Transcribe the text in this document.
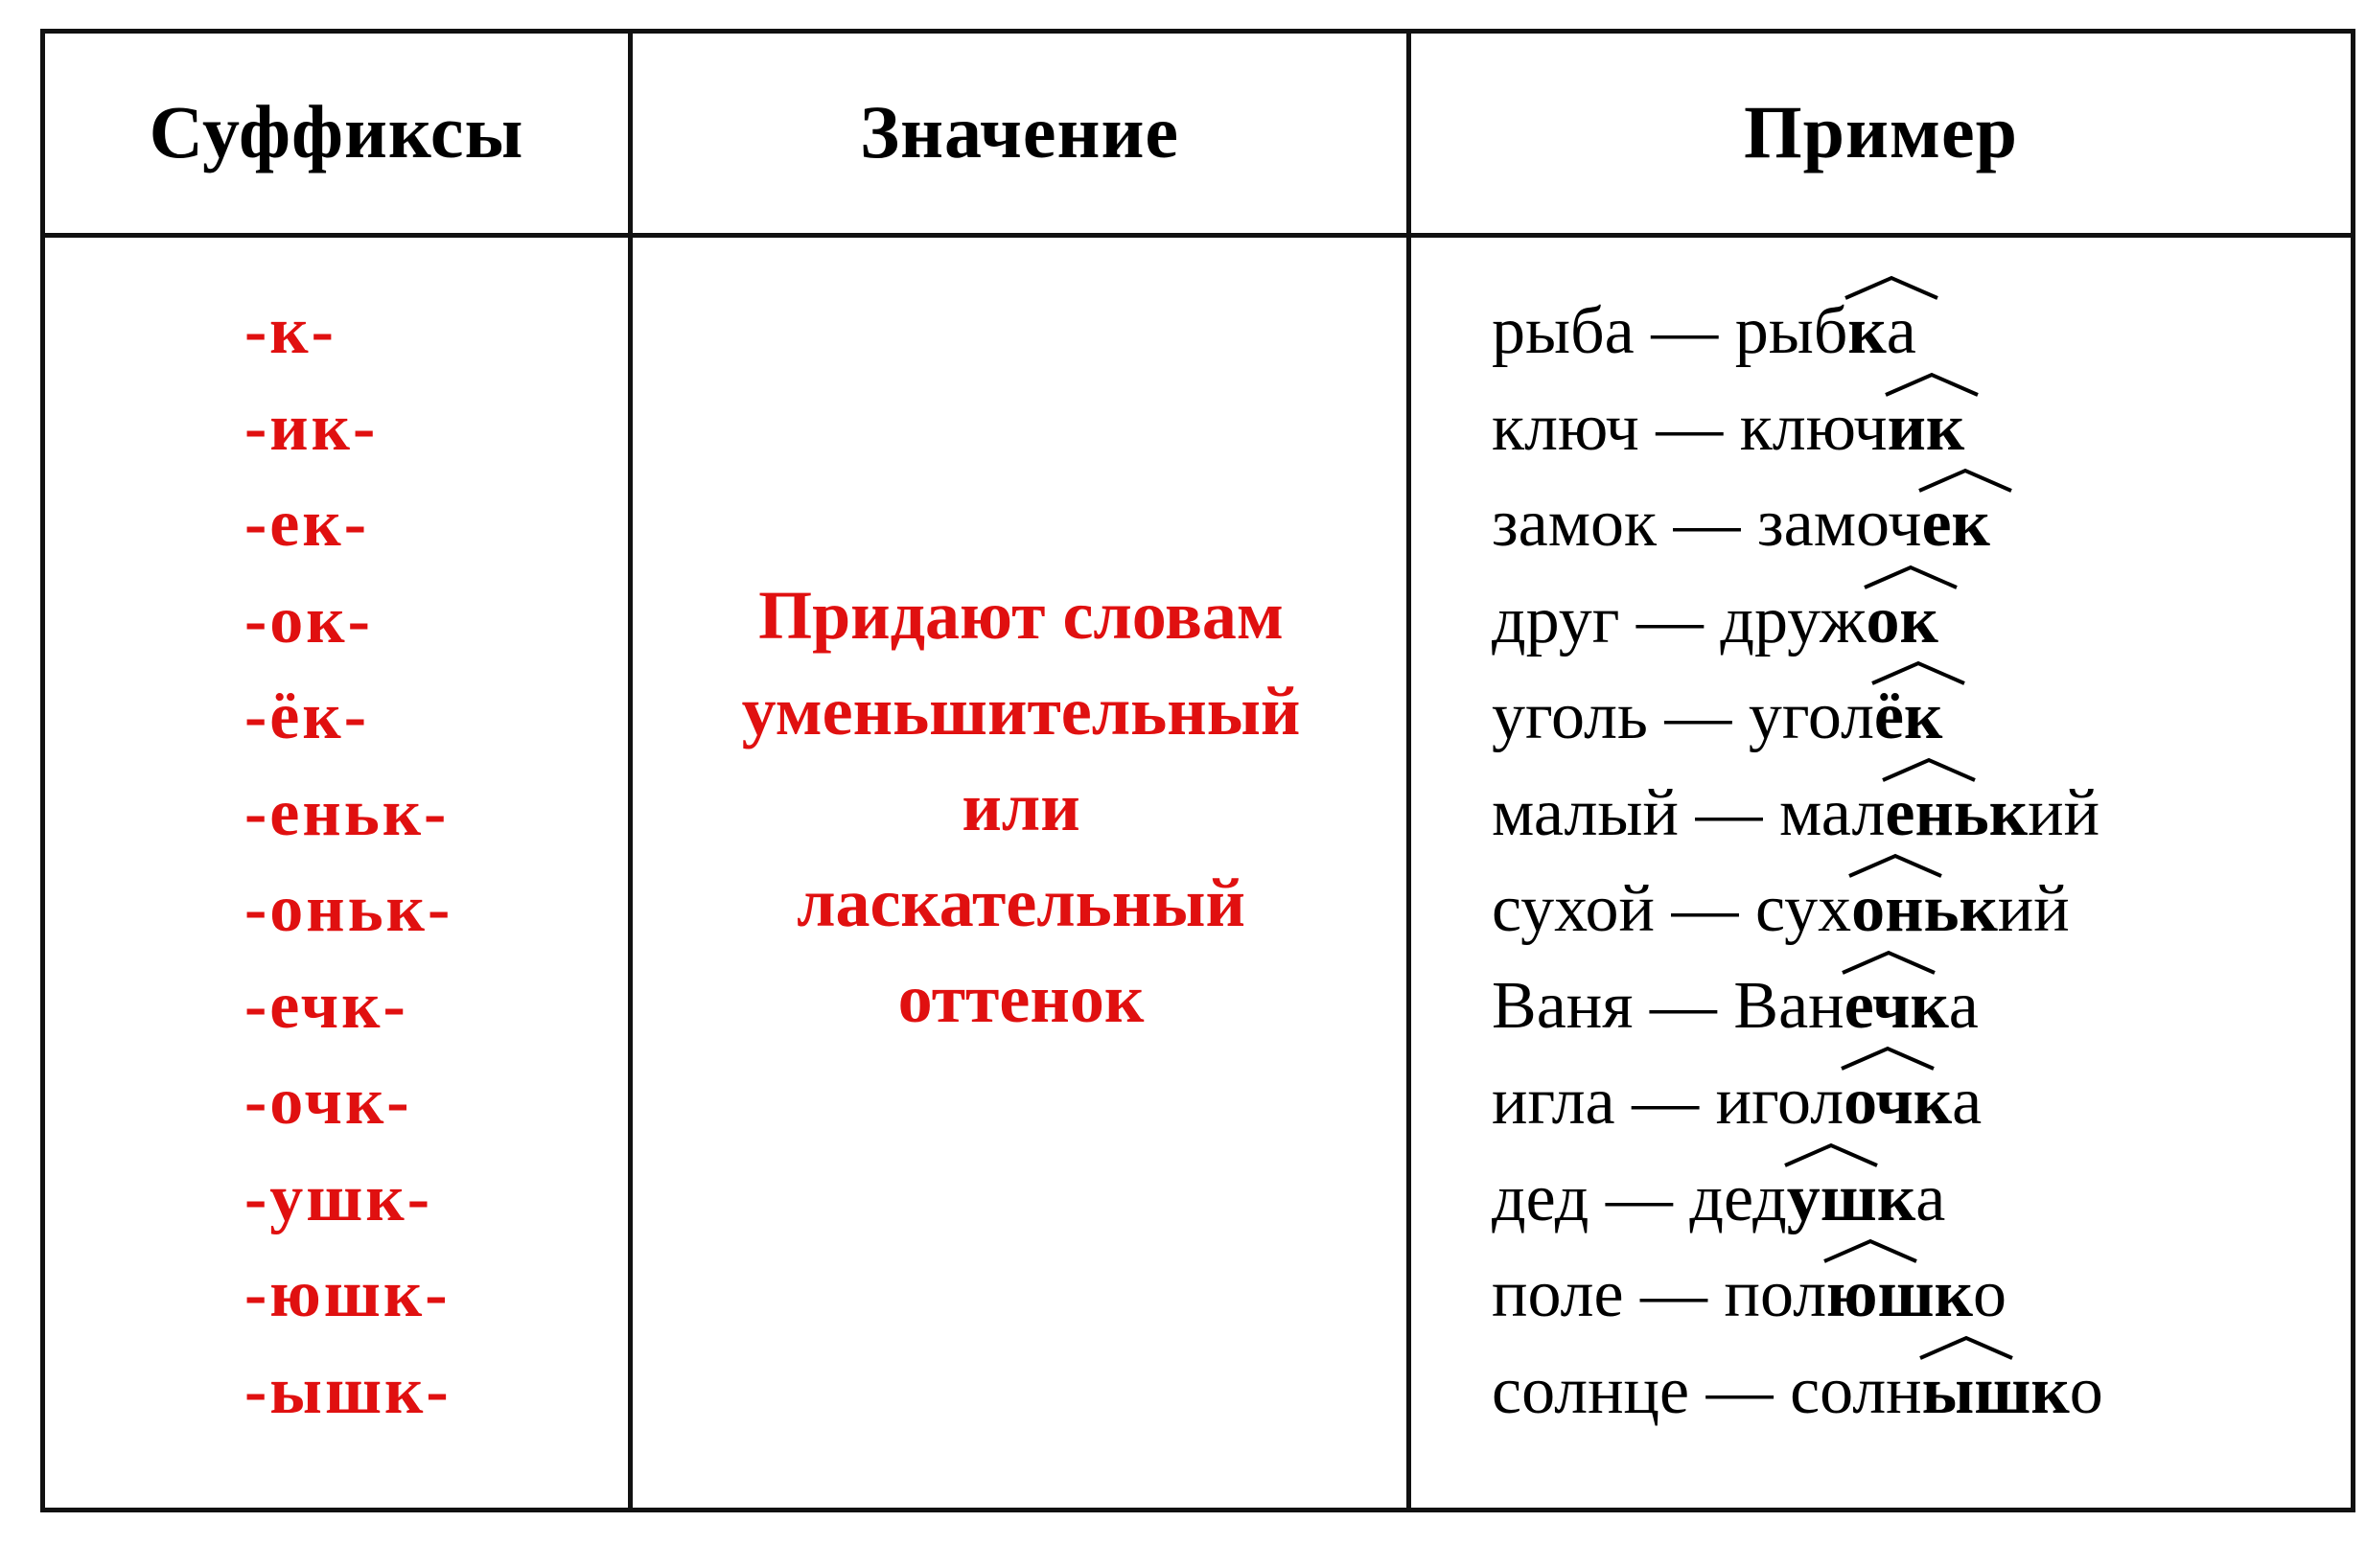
Суффиксы	Значение	Пример
-к-
-ик-
-ек-
-ок-
-ёк-
-еньк-
-оньк-
-ечк-
-очк-
-ушк-
-юшк-
-ышк-
Придают словам
уменьшительный
или
ласкательный
оттенок
рыба — рыбк
а
ключ — ключик
замок — замочек
друг — дружок
уголь — уголёк
малый — маленьк
ий
сухой — сухоньк
ий
Ваня — Ванечк
а
игла — иголочк
а
дед — дедушк
а
поле — полюшк
о
солнце — солнышк
о
